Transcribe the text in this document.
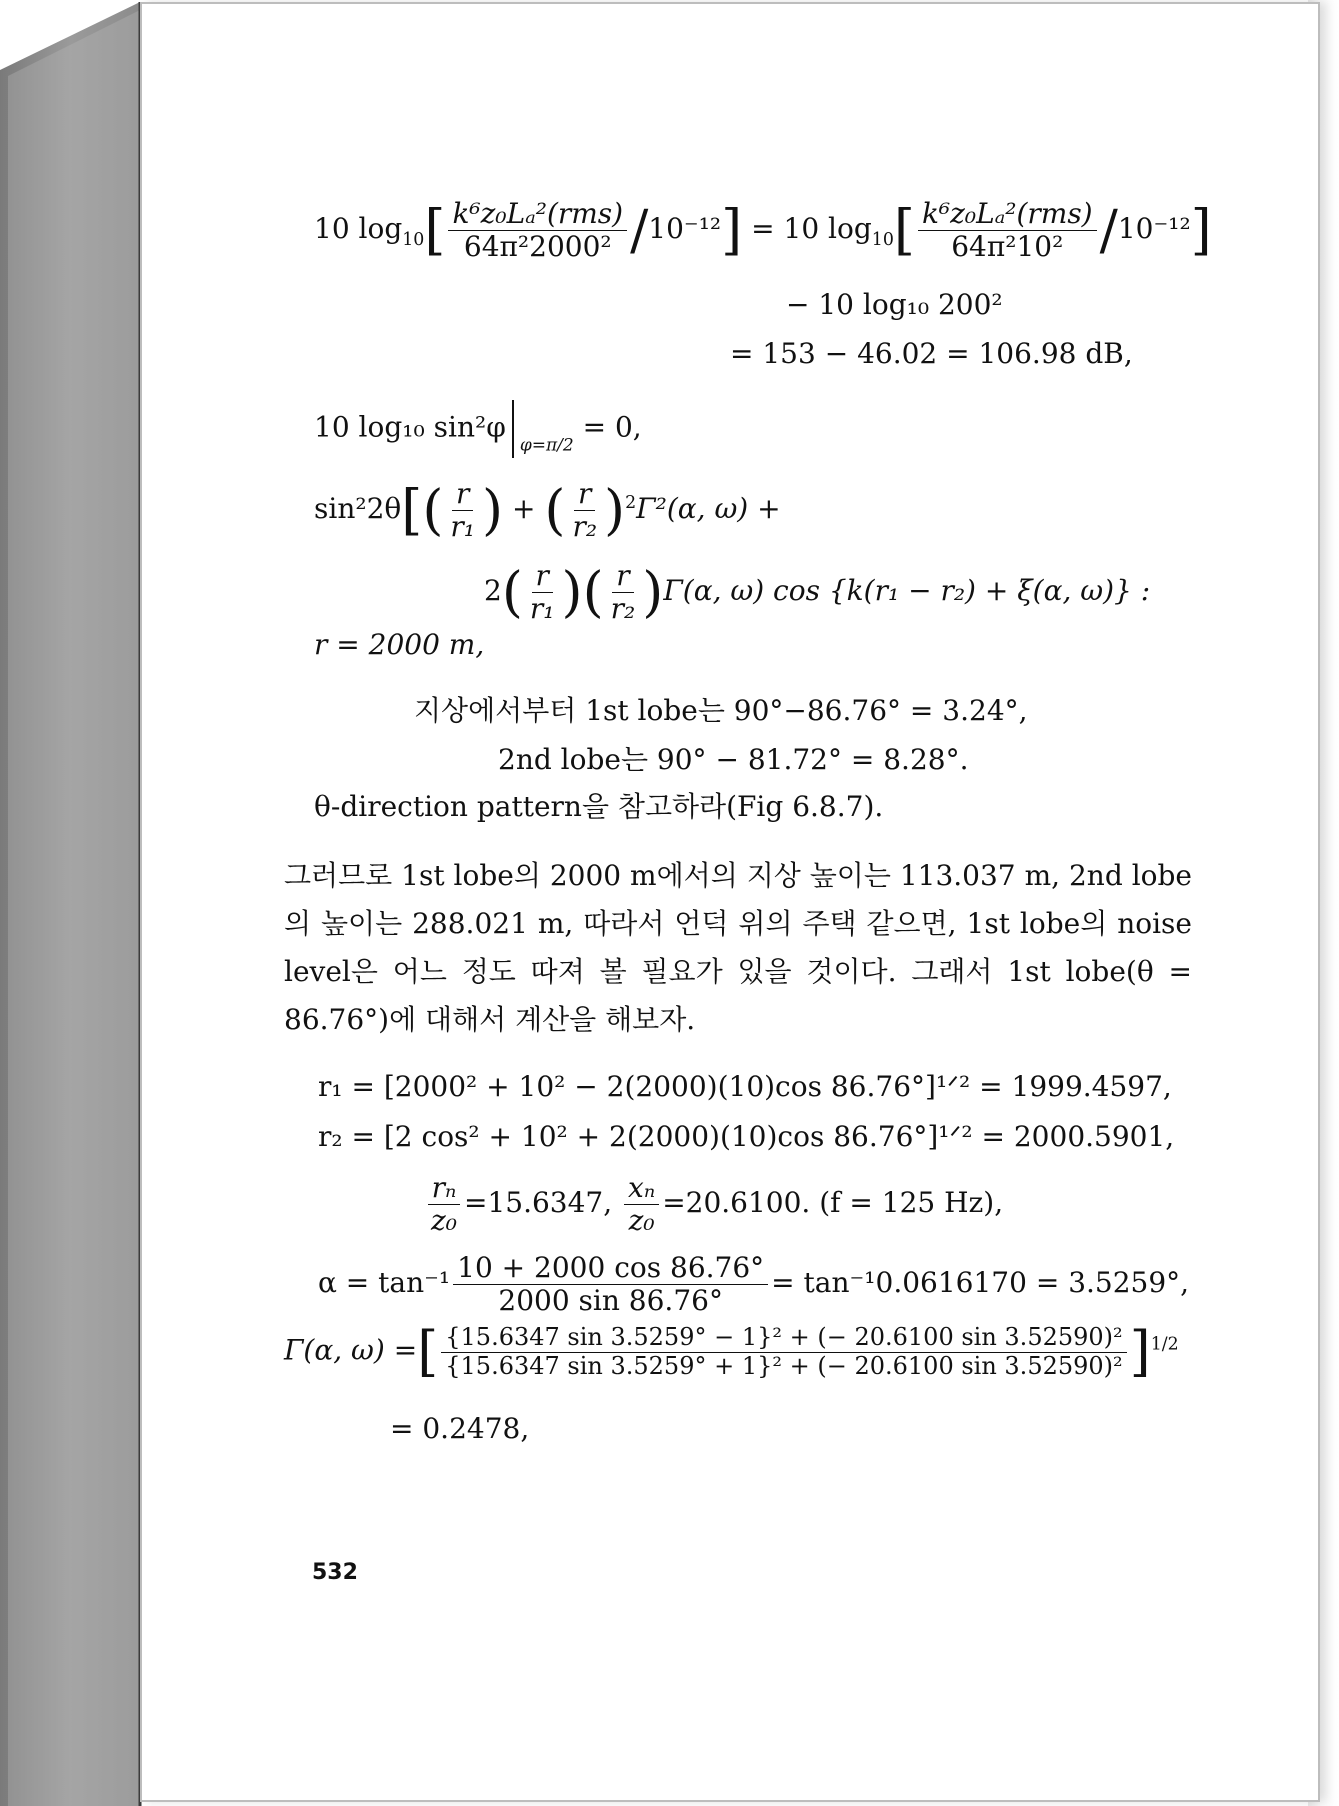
10 $\log_{10}[ \frac{\text{k⁶z₀Lₐ²(rms)}}{\text{64π²2000²}} /10^{-12}] = 10$ $\log_{10}[ \frac{\text{k⁶z₀Lₐ²(rms)}}{\text{64π²10²}} /10^{-12}]$
− 10 log₁₀ 200²
= 153 − 46.02 = 106.98 dB,
10 log₁₀ $\sin^2\varphi_{\varphi=\pi/2} = 0$,
$\sin^22\theta[( \frac{r}{\text{r₁}}$ ) + ( $\frac{r}{\text{r₂}} )^2\Gamma^2(\alpha$, ω) +
$2( \frac{r}{\text{r₁}}$ )( $\frac{r}{\text{r₂}} )\Gamma(\alpha$, ω) cos {k(r₁ − r₂) + ξ(α, ω)} :
r = 2000 m,
지상에서부터 1st lobe는 90°−86.76° = 3.24°,
2nd lobe는 90° − 81.72° = 8.28°.
θ-direction pattern을 참고하라(Fig 6.8.7).
그러므로 1st lobe의 2000 m에서의 지상 높이는 113.037 m, 2nd lobe의 높이는 288.021 m, 따라서 언덕 위의 주택 같으면, 1st lobe의 noise level은 어느 정도 따져 볼 필요가 있을 것이다. 그래서 1st lobe(θ = 86.76°)에 대해서 계산을 해보자.
r₁ = [2000² + 10² − 2(2000)(10)cos 86.76°]¹ᐟ² = 1999.4597,
r₂ = [2 cos² + 10² + 2(2000)(10)cos 86.76°]¹ᐟ² = 2000.5901,
$\frac{\text{rₙ}}{\text{z₀}} =15.6347$, $\frac{\text{xₙ}}{\text{z₀}} =20.6100$. (f = 125 Hz),
$\alpha = \tan^{-1} \frac{10 + 2000 \cos 86.76^\circ}{2000 \sin 86.76^\circ} = \tan^{-1}0.0616170 = 3.5259^\circ$,
Γ(α, ω) =[ $\frac{\text{\{15.6347 sin 3.5259° − 1\}² + (− 20.6100 sin 3.52590)²}}{\text{\{15.6347 sin 3.5259° + 1\}² + (− 20.6100 sin 3.52590)²}} ]^{1/2}$
= 0.2478,
532
